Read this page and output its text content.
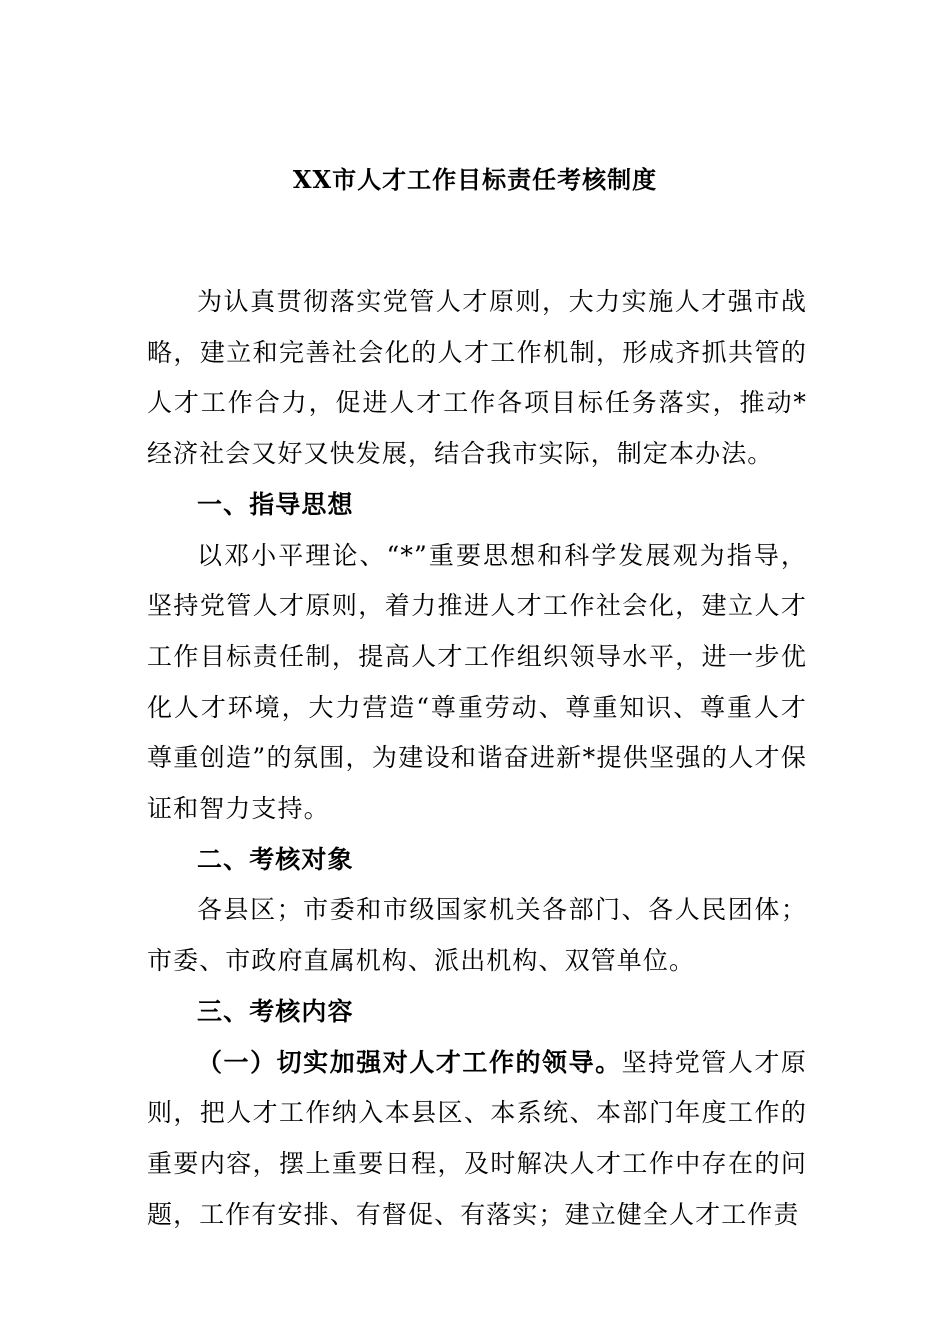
XX市人才工作目标责任考核制度

为认真贯彻落实党管人才原则，大力实施人才强市战略，建立和完善社会化的人才工作机制，形成齐抓共管的人才工作合力，促进人才工作各项目标任务落实，推动*经济社会又好又快发展，结合我市实际，制定本办法。

一、指导思想

以邓小平理论、“*”重要思想和科学发展观为指导，坚持党管人才原则，着力推进人才工作社会化，建立人才工作目标责任制，提高人才工作组织领导水平，进一步优化人才环境，大力营造“尊重劳动、尊重知识、尊重人才尊重创造”的氛围，为建设和谐奋进新*提供坚强的人才保证和智力支持。

二、考核对象

各县区；市委和市级国家机关各部门、各人民团体；市委、市政府直属机构、派出机构、双管单位。

三、考核内容

（一）切实加强对人才工作的领导。坚持党管人才原则，把人才工作纳入本县区、本系统、本部门年度工作的重要内容，摆上重要日程，及时解决人才工作中存在的问题，工作有安排、有督促、有落实；建立健全人才工作责
